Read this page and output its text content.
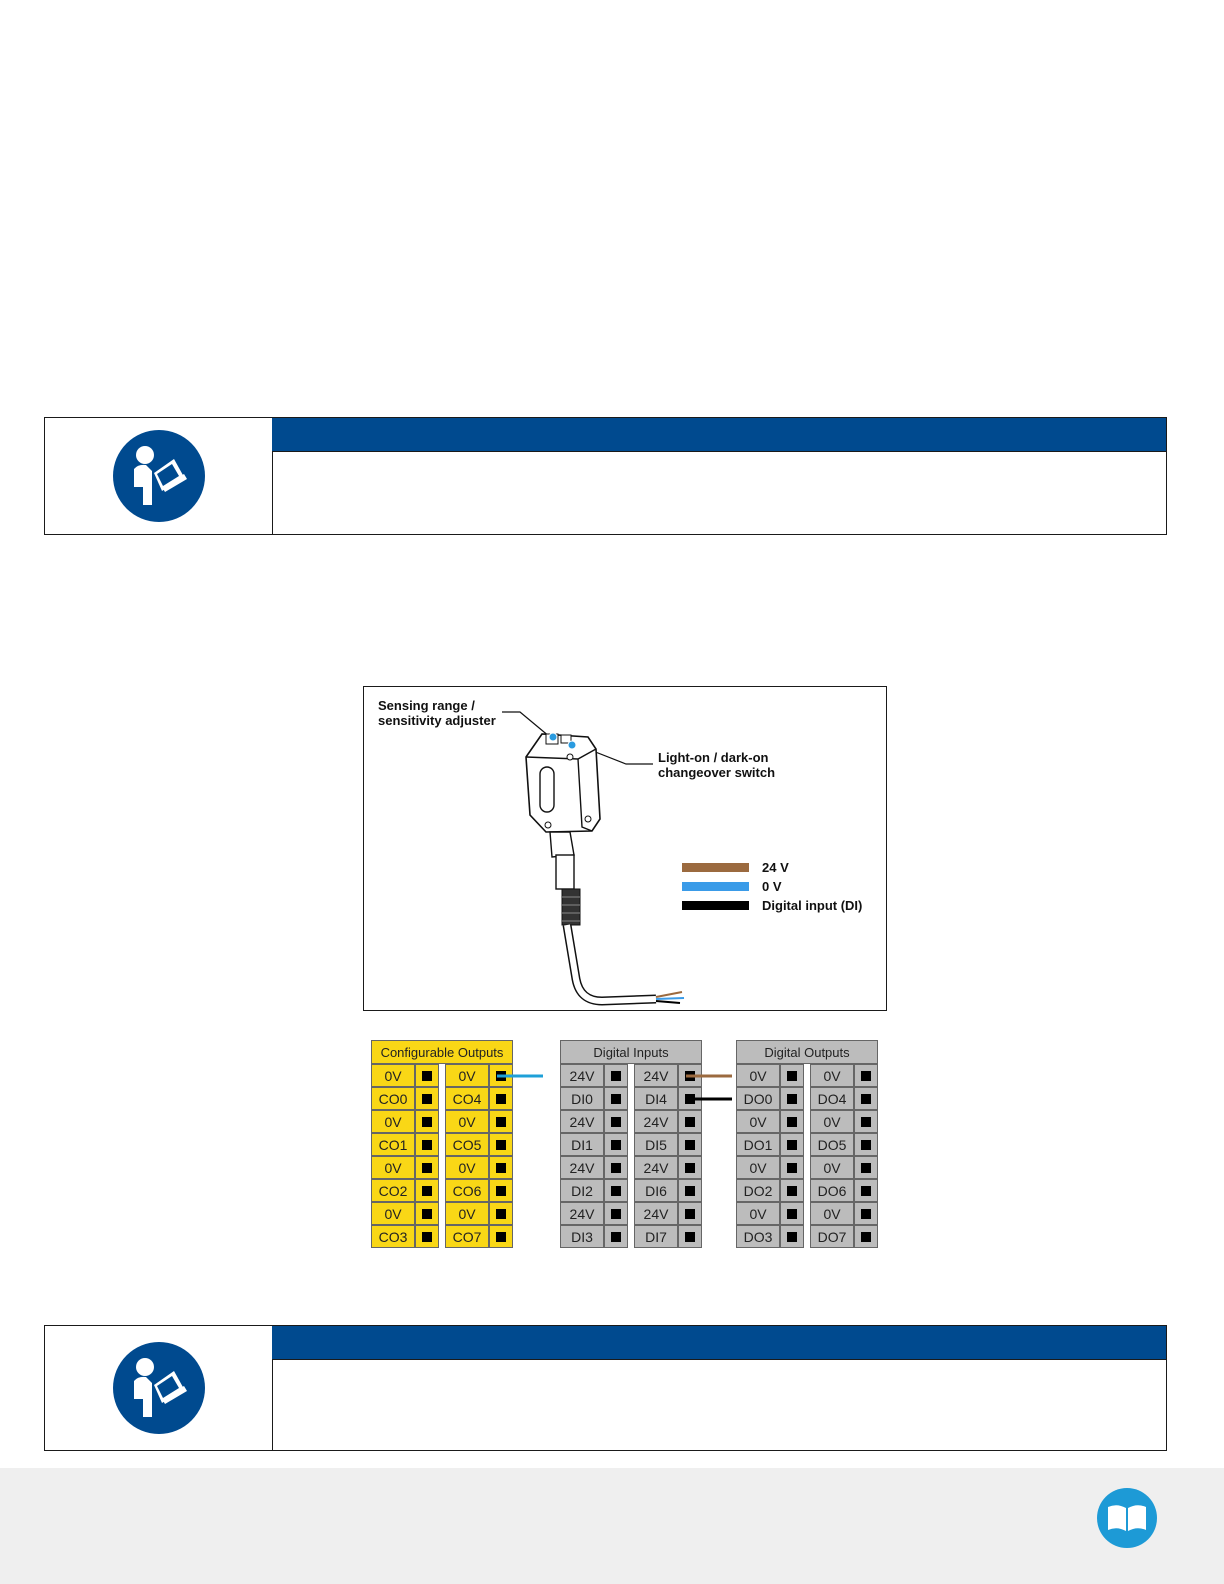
Sensing range /
sensitivity adjuster
Light-on / dark-on
changeover switch
24 V
0 V
Digital input (DI)
Configurable Outputs
0V
CO0
0V
CO1
0V
CO2
0V
CO3
0V
CO4
0V
CO5
0V
CO6
0V
CO7
Digital Inputs
24V
DI0
24V
DI1
24V
DI2
24V
DI3
24V
DI4
24V
DI5
24V
DI6
24V
DI7
Digital Outputs
0V
DO0
0V
DO1
0V
DO2
0V
DO3
0V
DO4
0V
DO5
0V
DO6
0V
DO7
